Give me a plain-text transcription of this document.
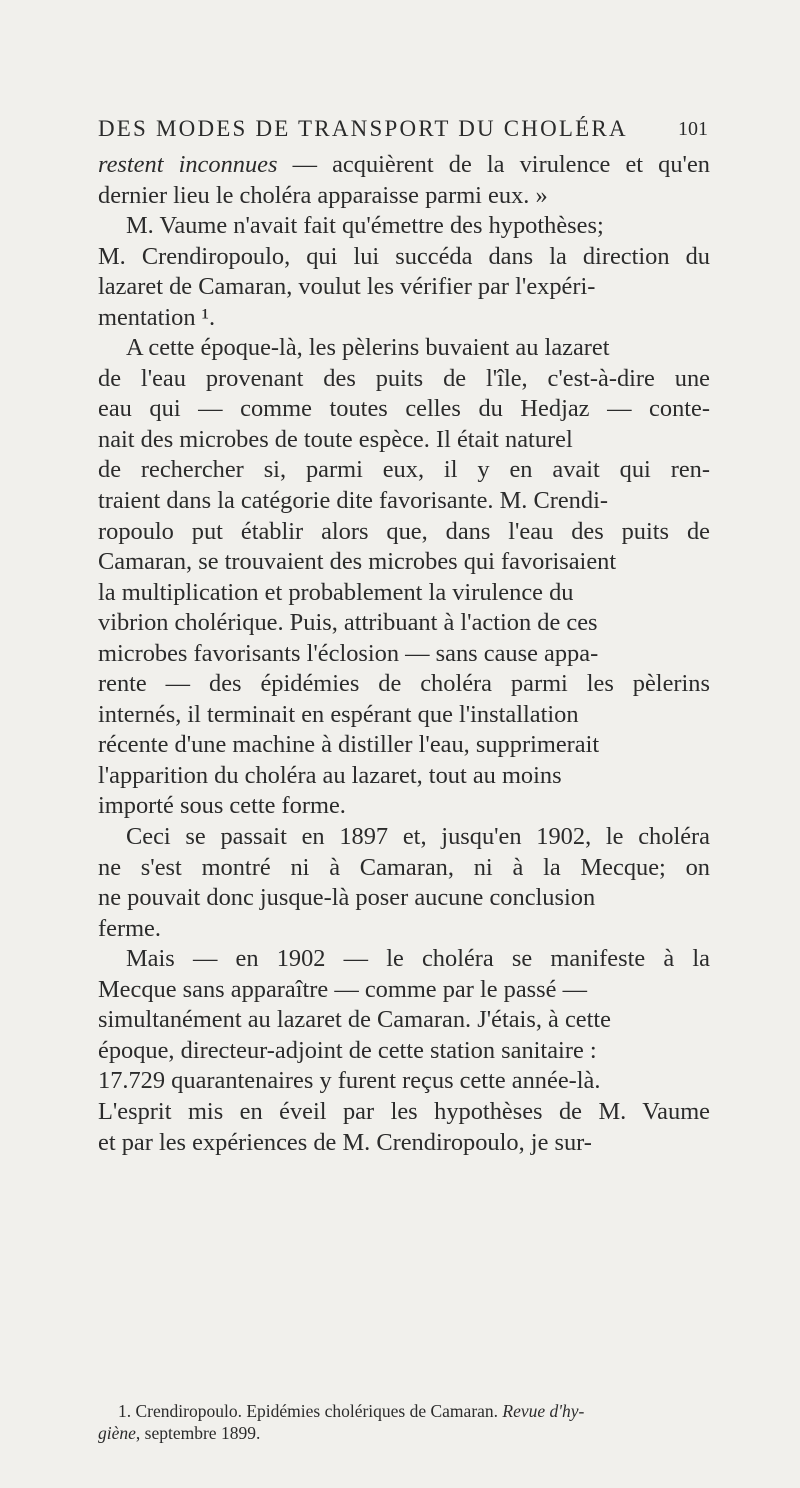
DES MODES DE TRANSPORT DU CHOLÉRA	101
restent inconnues — acquièrent de la virulence et qu'en
dernier lieu le choléra apparaisse parmi eux. »
M. Vaume n'avait fait qu'émettre des hypothèses;
M. Crendiropoulo, qui lui succéda dans la direction du
lazaret de Camaran, voulut les vérifier par l'expéri-
mentation ¹.
A cette époque-là, les pèlerins buvaient au lazaret
de l'eau provenant des puits de l'île, c'est-à-dire une
eau qui — comme toutes celles du Hedjaz — conte-
nait des microbes de toute espèce. Il était naturel
de rechercher si, parmi eux, il y en avait qui ren-
traient dans la catégorie dite favorisante. M. Crendi-
ropoulo put établir alors que, dans l'eau des puits de
Camaran, se trouvaient des microbes qui favorisaient
la multiplication et probablement la virulence du
vibrion cholérique. Puis, attribuant à l'action de ces
microbes favorisants l'éclosion — sans cause appa-
rente — des épidémies de choléra parmi les pèlerins
internés, il terminait en espérant que l'installation
récente d'une machine à distiller l'eau, supprimerait
l'apparition du choléra au lazaret, tout au moins
importé sous cette forme.
Ceci se passait en 1897 et, jusqu'en 1902, le choléra
ne s'est montré ni à Camaran, ni à la Mecque; on
ne pouvait donc jusque-là poser aucune conclusion
ferme.
Mais — en 1902 — le choléra se manifeste à la
Mecque sans apparaître — comme par le passé —
simultanément au lazaret de Camaran. J'étais, à cette
époque, directeur-adjoint de cette station sanitaire :
17.729 quarantenaires y furent reçus cette année-là.
L'esprit mis en éveil par les hypothèses de M. Vaume
et par les expériences de M. Crendiropoulo, je sur-
1. Crendiropoulo. Epidémies cholériques de Camaran. Revue d'hy-
giène, septembre 1899.
